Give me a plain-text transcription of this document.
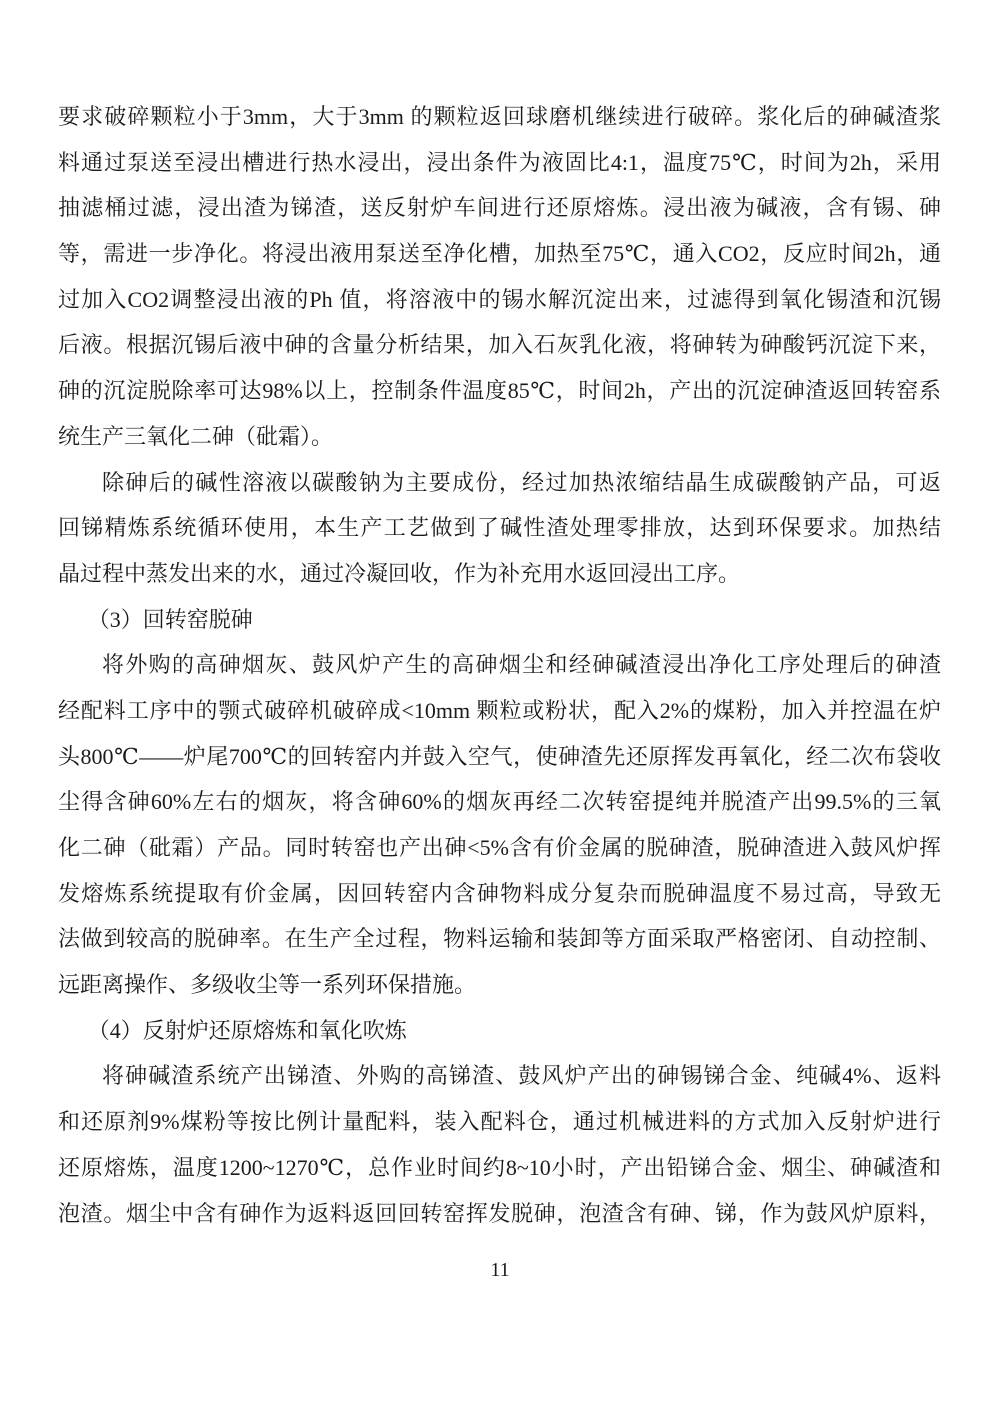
要求破碎颗粒小于3mm，大于3mm 的颗粒返回球磨机继续进行破碎。浆化后的砷碱渣浆
料通过泵送至浸出槽进行热水浸出，浸出条件为液固比4:1，温度75℃，时间为2h，采用
抽滤桶过滤，浸出渣为锑渣，送反射炉车间进行还原熔炼。浸出液为碱液，含有锡、砷
等，需进一步净化。将浸出液用泵送至净化槽，加热至75℃，通入CO2，反应时间2h，通
过加入CO2调整浸出液的Ph 值，将溶液中的锡水解沉淀出来，过滤得到氧化锡渣和沉锡
后液。根据沉锡后液中砷的含量分析结果，加入石灰乳化液，将砷转为砷酸钙沉淀下来，
砷的沉淀脱除率可达98%以上，控制条件温度85℃，时间2h，产出的沉淀砷渣返回转窑系
统生产三氧化二砷（砒霜）。
除砷后的碱性溶液以碳酸钠为主要成份，经过加热浓缩结晶生成碳酸钠产品，可返
回锑精炼系统循环使用，本生产工艺做到了碱性渣处理零排放，达到环保要求。加热结
晶过程中蒸发出来的水，通过冷凝回收，作为补充用水返回浸出工序。
（3）回转窑脱砷
将外购的高砷烟灰、鼓风炉产生的高砷烟尘和经砷碱渣浸出净化工序处理后的砷渣
经配料工序中的颚式破碎机破碎成<10mm 颗粒或粉状，配入2%的煤粉，加入并控温在炉
头800℃——炉尾700℃的回转窑内并鼓入空气，使砷渣先还原挥发再氧化，经二次布袋收
尘得含砷60%左右的烟灰，将含砷60%的烟灰再经二次转窑提纯并脱渣产出99.5%的三氧
化二砷（砒霜）产品。同时转窑也产出砷<5%含有价金属的脱砷渣，脱砷渣进入鼓风炉挥
发熔炼系统提取有价金属，因回转窑内含砷物料成分复杂而脱砷温度不易过高，导致无
法做到较高的脱砷率。在生产全过程，物料运输和装卸等方面采取严格密闭、自动控制、
远距离操作、多级收尘等一系列环保措施。
（4）反射炉还原熔炼和氧化吹炼
将砷碱渣系统产出锑渣、外购的高锑渣、鼓风炉产出的砷锡锑合金、纯碱4%、返料
和还原剂9%煤粉等按比例计量配料，装入配料仓，通过机械进料的方式加入反射炉进行
还原熔炼，温度1200~1270℃，总作业时间约8~10小时，产出铅锑合金、烟尘、砷碱渣和
泡渣。烟尘中含有砷作为返料返回回转窑挥发脱砷，泡渣含有砷、锑，作为鼓风炉原料，
11
